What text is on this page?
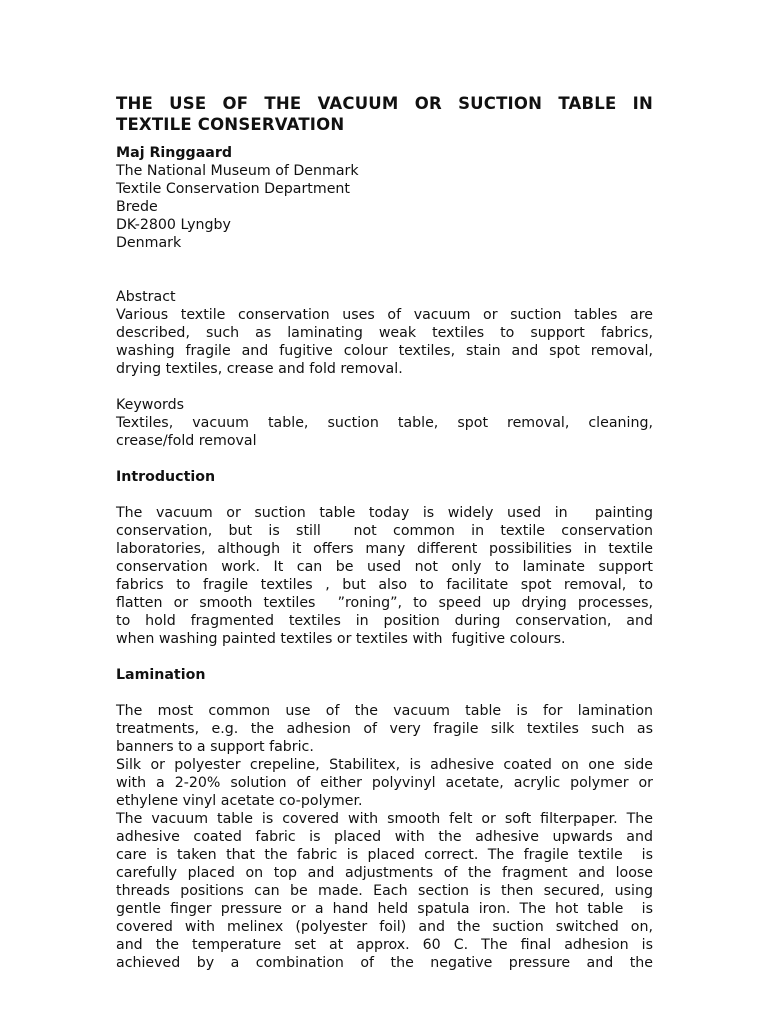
THE USE OF THE VACUUM OR SUCTION TABLE IN
TEXTILE CONSERVATION
Maj Ringgaard
The National Museum of Denmark
Textile Conservation Department
Brede
DK-2800 Lyngby
Denmark
Abstract
Various textile conservation uses of vacuum or suction tables are
described, such as laminating weak textiles to support fabrics,
washing fragile and fugitive colour textiles, stain and spot removal,
drying textiles, crease and fold removal.
Keywords
Textiles, vacuum table, suction table, spot removal, cleaning,
crease/fold removal
Introduction
The vacuum or suction table today is widely used in  painting
conservation, but is still  not common in textile conservation
laboratories, although it offers many different possibilities in textile
conservation work. It can be used not only to laminate support
fabrics to fragile textiles , but also to facilitate spot removal, to
flatten or smooth textiles  ”roning”, to speed up drying processes,
to hold fragmented textiles in position during conservation, and
when washing painted textiles or textiles with  fugitive colours.
Lamination
The most common use of the vacuum table is for lamination
treatments, e.g. the adhesion of very fragile silk textiles such as
banners to a support fabric.
Silk or polyester crepeline, Stabilitex, is adhesive coated on one side
with a 2-20% solution of either polyvinyl acetate, acrylic polymer or
ethylene vinyl acetate co-polymer.
The vacuum table is covered with smooth felt or soft filterpaper. The
adhesive coated fabric is placed with the adhesive upwards and
care is taken that the fabric is placed correct. The fragile textile  is
carefully placed on top and adjustments of the fragment and loose
threads positions can be made. Each section is then secured, using
gentle finger pressure or a hand held spatula iron. The hot table  is
covered with melinex (polyester foil) and the suction switched on,
and the temperature set at approx. 60 C. The final adhesion is
achieved by a combination of the negative pressure and the
